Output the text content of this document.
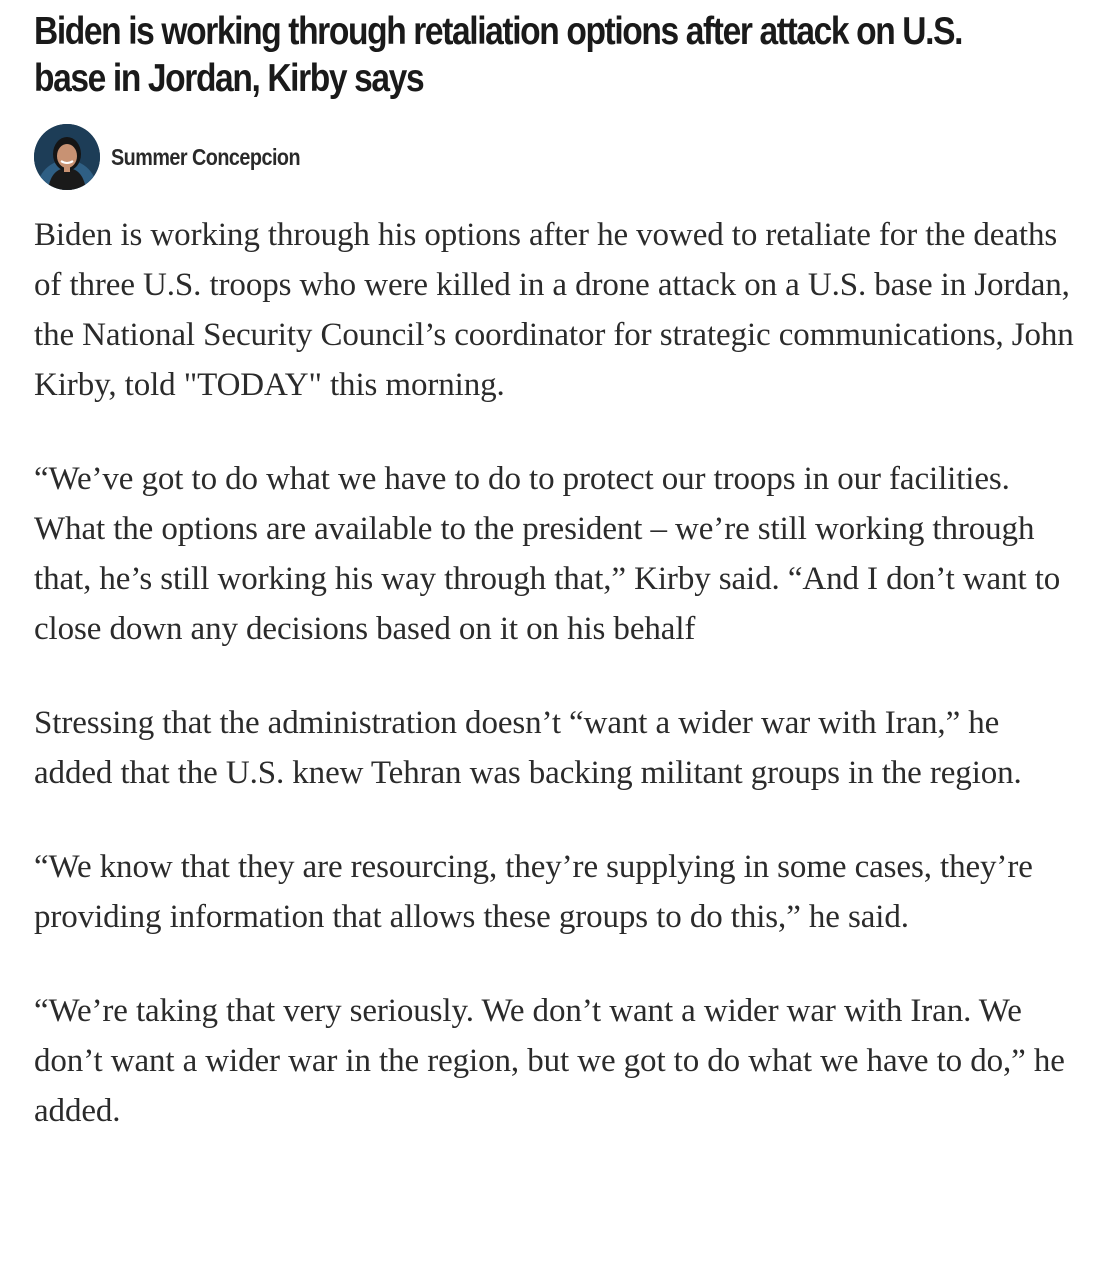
Biden is working through retaliation options after attack on U.S. base in Jordan, Kirby says
Summer Concepcion

Biden is working through his options after he vowed to retaliate for the deaths of three U.S. troops who were killed in a drone attack on a U.S. base in Jordan, the National Security Council’s coordinator for strategic communications, John Kirby, told "TODAY" this morning.

“We’ve got to do what we have to do to protect our troops in our facilities. What the options are available to the president – we’re still working through that, he’s still working his way through that,” Kirby said. “And I don’t want to close down any decisions based on it on his behalf

Stressing that the administration doesn’t “want a wider war with Iran,” he added that the U.S. knew Tehran was backing militant groups in the region.

“We know that they are resourcing, they’re supplying in some cases, they’re providing information that allows these groups to do this,” he said.

“We’re taking that very seriously. We don’t want a wider war with Iran. We don’t want a wider war in the region, but we got to do what we have to do,” he added.
